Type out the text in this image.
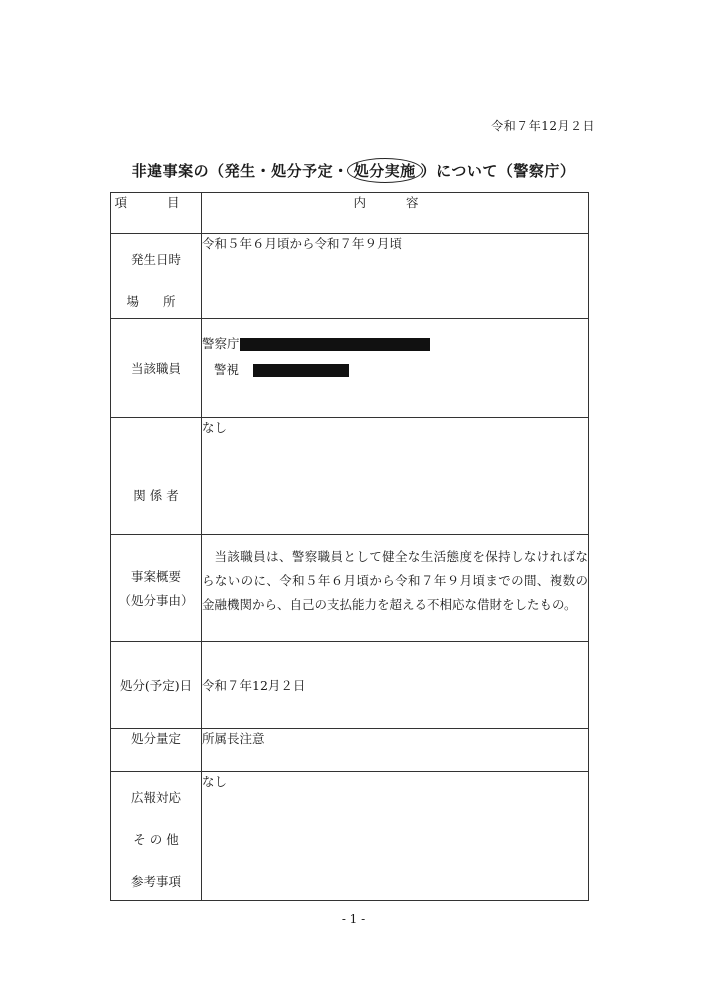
令和７年12月２日
非違事案の（発生・処分予定・ 処分実施 ）について（警察庁）
項 目	内 容

発生日時
場 所	令和５年６月頃から令和７年９月頃

当該職員	警察庁
警視

関 係 者	なし

事案概要
（処分事由）	当該職員は、警察職員として健全な生活態度を保持しなければならないのに、令和５年６月頃から令和７年９月頃までの間、複数の金融機関から、自己の支払能力を超える不相応な借財をしたもの。

処分(予定)日	令和７年12月２日
処分量定	所属長注意

広報対応
そ の 他
参考事項	なし
- 1 -
